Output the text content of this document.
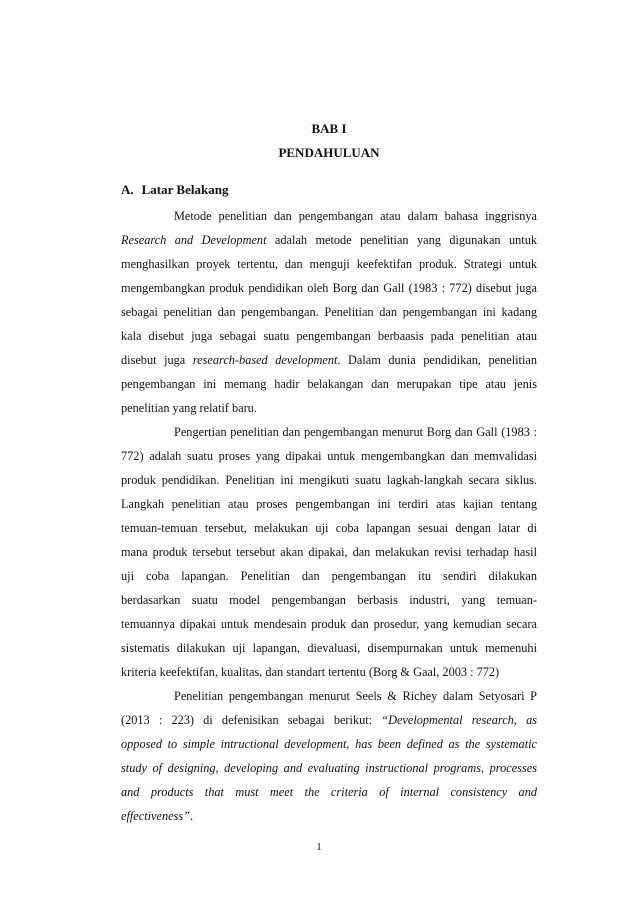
BAB I

PENDAHULUAN

A. Latar Belakang

Metode penelitian dan pengembangan atau dalam bahasa inggrisnya
Research and Development adalah metode penelitian yang digunakan untuk
menghasilkan proyek tertentu, dan menguji keefektifan produk. Strategi untuk
mengembangkan produk pendidikan oleh Borg dan Gall (1983 : 772) disebut juga
sebagai penelitian dan pengembangan. Penelitian dan pengembangan ini kadang
kala disebut juga sebagai suatu pengembangan berbaasis pada penelitian atau
disebut juga research-based development. Dalam dunia pendidikan, penelitian
pengembangan ini memang hadir belakangan dan merupakan tipe atau jenis
penelitian yang relatif baru.
Pengertian penelitian dan pengembangan menurut Borg dan Gall (1983 :
772) adalah suatu proses yang dipakai untuk mengembangkan dan memvalidasi
produk pendidikan. Penelitian ini mengikuti suatu lagkah-langkah secara siklus.
Langkah penelitian atau proses pengembangan ini terdiri atas kajian tentang
temuan-temuan tersebut, melakukan uji coba lapangan sesuai dengan latar di
mana produk tersebut tersebut akan dipakai, dan melakukan revisi terhadap hasil
uji coba lapangan. Penelitian dan pengembangan itu sendiri dilakukan
berdasarkan suatu model pengembangan berbasis industri, yang temuan-
temuannya dipakai untuk mendesain produk dan prosedur, yang kemudian secara
sistematis dilakukan uji lapangan, dievaluasi, disempurnakan untuk memenuhi
kriteria keefektifan, kualitas, dan standart tertentu (Borg & Gaal, 2003 : 772)
Penelitian pengembangan menurut Seels & Richey dalam Setyosari P
(2013 : 223) di defenisikan sebagai berikut: “Developmental research, as
opposed to simple intructional development, has been defined as the systematic
study of designing, developing and evaluating instructional programs, processes
and products that must meet the criteria of internal consistency and
effectiveness”.

1
